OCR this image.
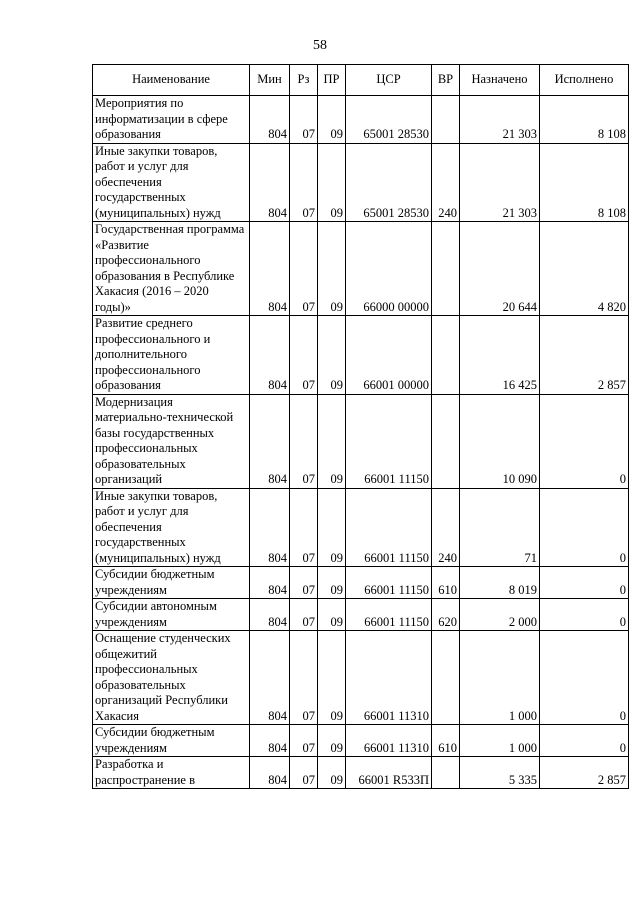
58
Наименование	Мин	Рз	ПР	ЦСР	ВР	Назначено	Исполнено
Мероприятия по информатизации в сфере образования	804	07	09	65001 28530		21 303	8 108
Иные закупки товаров, работ и услуг для обеспечения государственных (муниципальных) нужд	804	07	09	65001 28530	240	21 303	8 108
Государственная программа «Развитие профессионального образования в Республике Хакасия (2016 – 2020 годы)»	804	07	09	66000 00000		20 644	4 820
Развитие среднего профессионального и дополнительного профессионального образования	804	07	09	66001 00000		16 425	2 857
Модернизация материально-технической базы государственных профессиональных образовательных организаций	804	07	09	66001 11150		10 090	0
Иные закупки товаров, работ и услуг для обеспечения государственных (муниципальных) нужд	804	07	09	66001 11150	240	71	0
Субсидии бюджетным учреждениям	804	07	09	66001 11150	610	8 019	0
Субсидии автономным учреждениям	804	07	09	66001 11150	620	2 000	0
Оснащение студенческих общежитий профессиональных образовательных организаций Республики Хакасия	804	07	09	66001 11310		1 000	0
Субсидии бюджетным учреждениям	804	07	09	66001 11310	610	1 000	0
Разработка и распространение в	804	07	09	66001 R533П		5 335	2 857
